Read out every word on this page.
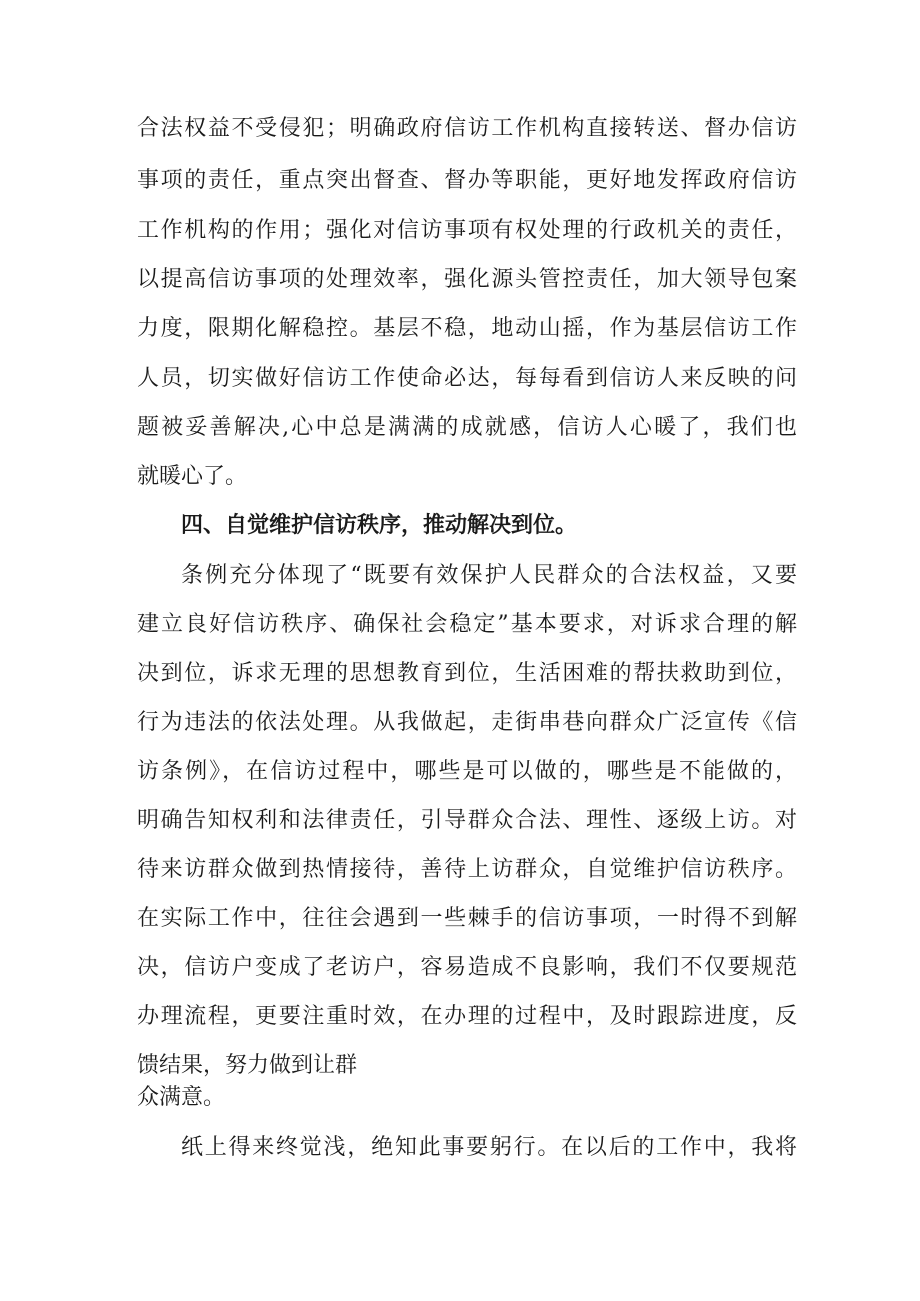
合法权益不受侵犯；明确政府信访工作机构直接转送、督办信访
事项的责任，重点突出督查、督办等职能，更好地发挥政府信访
工作机构的作用；强化对信访事项有权处理的行政机关的责任，
以提高信访事项的处理效率，强化源头管控责任，加大领导包案
力度，限期化解稳控。基层不稳，地动山摇，作为基层信访工作
人员，切实做好信访工作使命必达，每每看到信访人来反映的问
题被妥善解决,心中总是满满的成就感，信访人心暖了，我们也
就暖心了。
四、自觉维护信访秩序，推动解决到位。
条例充分体现了“既要有效保护人民群众的合法权益，又要
建立良好信访秩序、确保社会稳定”基本要求，对诉求合理的解
决到位，诉求无理的思想教育到位，生活困难的帮扶救助到位，
行为违法的依法处理。从我做起，走街串巷向群众广泛宣传《信
访条例》，在信访过程中，哪些是可以做的，哪些是不能做的，
明确告知权利和法律责任，引导群众合法、理性、逐级上访。对
待来访群众做到热情接待，善待上访群众，自觉维护信访秩序。
在实际工作中，往往会遇到一些棘手的信访事项，一时得不到解
决，信访户变成了老访户，容易造成不良影响，我们不仅要规范
办理流程，更要注重时效，在办理的过程中，及时跟踪进度，反
馈结果，努力做到让群
众满意。
纸上得来终觉浅，绝知此事要躬行。在以后的工作中，我将
